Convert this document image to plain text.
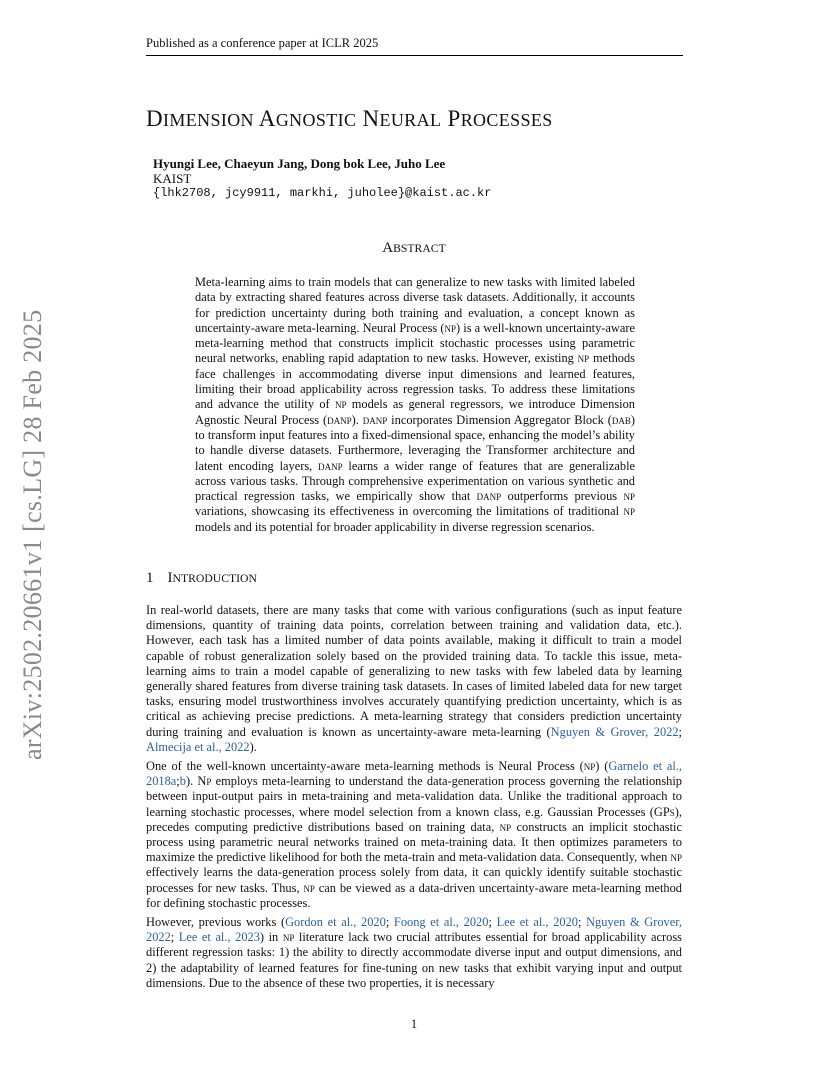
Published as a conference paper at ICLR 2025
arXiv:2502.20661v1 [cs.LG] 28 Feb 2025
DIMENSION AGNOSTIC NEURAL PROCESSES
Hyungi Lee, Chaeyun Jang, Dong bok Lee, Juho Lee
KAIST
{lhk2708, jcy9911, markhi, juholee}@kaist.ac.kr
ABSTRACT
Meta-learning aims to train models that can generalize to new tasks with limited labeled data by extracting shared features across diverse task datasets. Additionally, it accounts for prediction uncertainty during both training and evaluation, a concept known as uncertainty-aware meta-learning. Neural Process (np) is a well-known uncertainty-aware meta-learning method that constructs implicit stochastic processes using parametric neural networks, enabling rapid adaptation to new tasks. However, existing np methods face challenges in accommodating diverse input dimensions and learned features, limiting their broad applicability across regression tasks. To address these limitations and advance the utility of np models as general regressors, we introduce Dimension Agnostic Neural Process (danp). danp incorporates Dimension Aggregator Block (dab) to transform input features into a fixed-dimensional space, enhancing the model’s ability to handle diverse datasets. Furthermore, leveraging the Transformer architecture and latent encoding layers, danp learns a wider range of features that are generalizable across various tasks. Through comprehensive experimentation on various synthetic and practical regression tasks, we empirically show that danp outperforms previous np variations, showcasing its effectiveness in overcoming the limitations of traditional np models and its potential for broader applicability in diverse regression scenarios.
1 INTRODUCTION
In real-world datasets, there are many tasks that come with various configurations (such as input feature dimensions, quantity of training data points, correlation between training and validation data, etc.). However, each task has a limited number of data points available, making it difficult to train a model capable of robust generalization solely based on the provided training data. To tackle this issue, meta-learning aims to train a model capable of generalizing to new tasks with few labeled data by learning generally shared features from diverse training task datasets. In cases of limited labeled data for new target tasks, ensuring model trustworthiness involves accurately quantifying prediction uncertainty, which is as critical as achieving precise predictions. A meta-learning strategy that considers prediction uncertainty during training and evaluation is known as uncertainty-aware meta-learning (Nguyen & Grover, 2022; Almecija et al., 2022).
One of the well-known uncertainty-aware meta-learning methods is Neural Process (np) (Garnelo et al., 2018a;b). Np employs meta-learning to understand the data-generation process governing the relationship between input-output pairs in meta-training and meta-validation data. Unlike the traditional approach to learning stochastic processes, where model selection from a known class, e.g. Gaussian Processes (GPs), precedes computing predictive distributions based on training data, np constructs an implicit stochastic process using parametric neural networks trained on meta-training data. It then optimizes parameters to maximize the predictive likelihood for both the meta-train and meta-validation data. Consequently, when np effectively learns the data-generation process solely from data, it can quickly identify suitable stochastic processes for new tasks. Thus, np can be viewed as a data-driven uncertainty-aware meta-learning method for defining stochastic processes.
However, previous works (Gordon et al., 2020; Foong et al., 2020; Lee et al., 2020; Nguyen & Grover, 2022; Lee et al., 2023) in np literature lack two crucial attributes essential for broad applicability across different regression tasks: 1) the ability to directly accommodate diverse input and output dimensions, and 2) the adaptability of learned features for fine-tuning on new tasks that exhibit varying input and output dimensions. Due to the absence of these two properties, it is necessary
1
